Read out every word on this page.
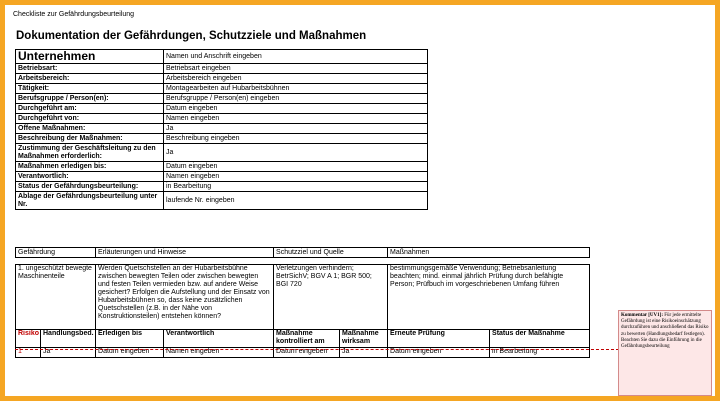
Checkliste zur Gefährdungsbeurteilung
Dokumentation der Gefährdungen, Schutzziele und Maßnahmen
Unternehmen	Namen und Anschrift eingeben
Betriebsart:	Betriebsart eingeben
Arbeitsbereich:	Arbeitsbereich eingeben
Tätigkeit:	Montagearbeiten auf Hubarbeitsbühnen
Berufsgruppe / Person(en):	Berufsgruppe / Person(en) eingeben
Durchgeführt am:	Datum eingeben
Durchgeführt von:	Namen eingeben
Offene Maßnahmen:	Ja
Beschreibung der Maßnahmen:	Beschreibung eingeben
Zustimmung der Geschäftsleitung zu den Maßnahmen erforderlich:	Ja
Maßnahmen erledigen bis:	Datum eingeben
Verantwortlich:	Namen eingeben
Status der Gefährdungsbeurteilung:	in Bearbeitung
Ablage der Gefährdungsbeurteilung unter Nr.	laufende Nr. eingeben
Gefährdung		Erläuterungen und Hinweise		Schutzziel und Quelle		Maßnahmen	

1. ungeschützt bewegte Maschinenteile		Werden Quetschstellen an der Hubarbeitsbühne zwischen bewegten Teilen oder zwischen bewegten und festen Teilen vermieden bzw. auf andere Weise gesichert? Erfolgen die Aufstellung und der Einsatz von Hubarbeitsbühnen so, dass keine zusätzlichen Quetschstellen (z.B. in der Nähe von Konstruktionsteilen) entstehen können?		Verletzungen verhindern; BetrSichV; BGV A 1; BGR 500; BGI 720		bestimmungsgemäße Verwendung; Betriebsanleitung beachten; mind. einmal jährlich Prüfung durch befähigte Person; Prüfbuch im vorgeschriebenen Umfang führen	
Risiko	Handlungsbed.	Erledigen bis	Verantwortlich	Maßnahme kontrolliert am	Maßnahme wirksam	Erneute Prüfung	Status der Maßnahme
1	Ja	Datum eingeben	Namen eingeben	Datum eingeben	Ja	Datum eingeben	in Bearbeitung
Kommentar [UV1]: Für jede ermittelte Gefährdung ist eine Risikoeinschätzung durchzuführen und anschließend das Risiko zu bewerten (Handlungsbedarf festlegen). Beachten Sie dazu die Einführung in die Gefährdungsbeurteilung
